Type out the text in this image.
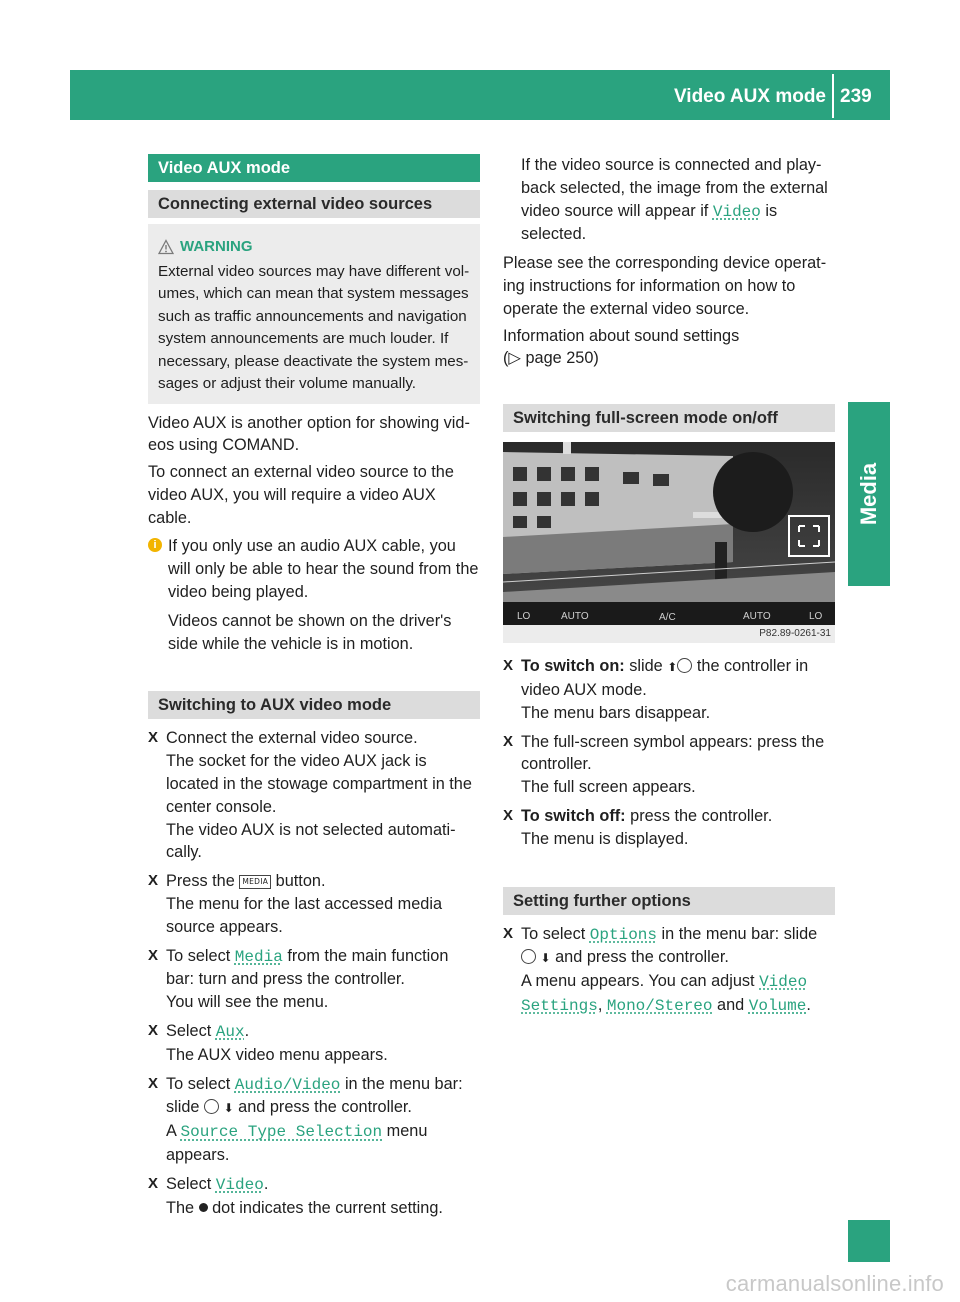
Video AUX mode 239
Media
carmanualsonline.info
Video AUX mode
Connecting external video sources
WARNING
External video sources may have different vol-umes, which can mean that system messages such as traffic announcements and navigation system announcements are much louder. If necessary, please deactivate the system mes-sages or adjust their volume manually.

Video AUX is another option for showing vid-eos using COMAND.

To connect an external video source to the video AUX, you will require a video AUX cable.

i If you only use an audio AUX cable, you will only be able to hear the sound from the video being played.

Videos cannot be shown on the driver's side while the vehicle is in motion.

Switching to AUX video mode
X Connect the external video source.
The socket for the video AUX jack is located in the stowage compartment in the center console.
The video AUX is not selected automati-cally.
X Press the MEDIA button.
The menu for the last accessed media source appears.
X To select Media from the main function bar: turn and press the controller.
You will see the menu.
X Select Aux.
The AUX video menu appears.
X To select Audio/Video in the menu bar:
slide ⬇ and press the controller.
A Source Type Selection menu appears.
X Select Video.
The dot indicates the current setting.
If the video source is connected and play-back selected, the image from the external video source will appear if Video is selected.

Please see the corresponding device operat-ing instructions for information on how to operate the external video source.

Information about sound settings

(▷ page 250)

Switching full-screen mode on/off
LO	AUTO	A/C	AUTO	LO
P82.89-0261-31
X To switch on: slide ⬆ the controller in video AUX mode.
The menu bars disappear.
X The full-screen symbol appears: press the controller.
The full screen appears.
X To switch off: press the controller.
The menu is displayed.
Setting further options
X To select Options in the menu bar: slide
⬇ and press the controller.
A menu appears. You can adjust Video Settings, Mono/Stereo and Volume.
